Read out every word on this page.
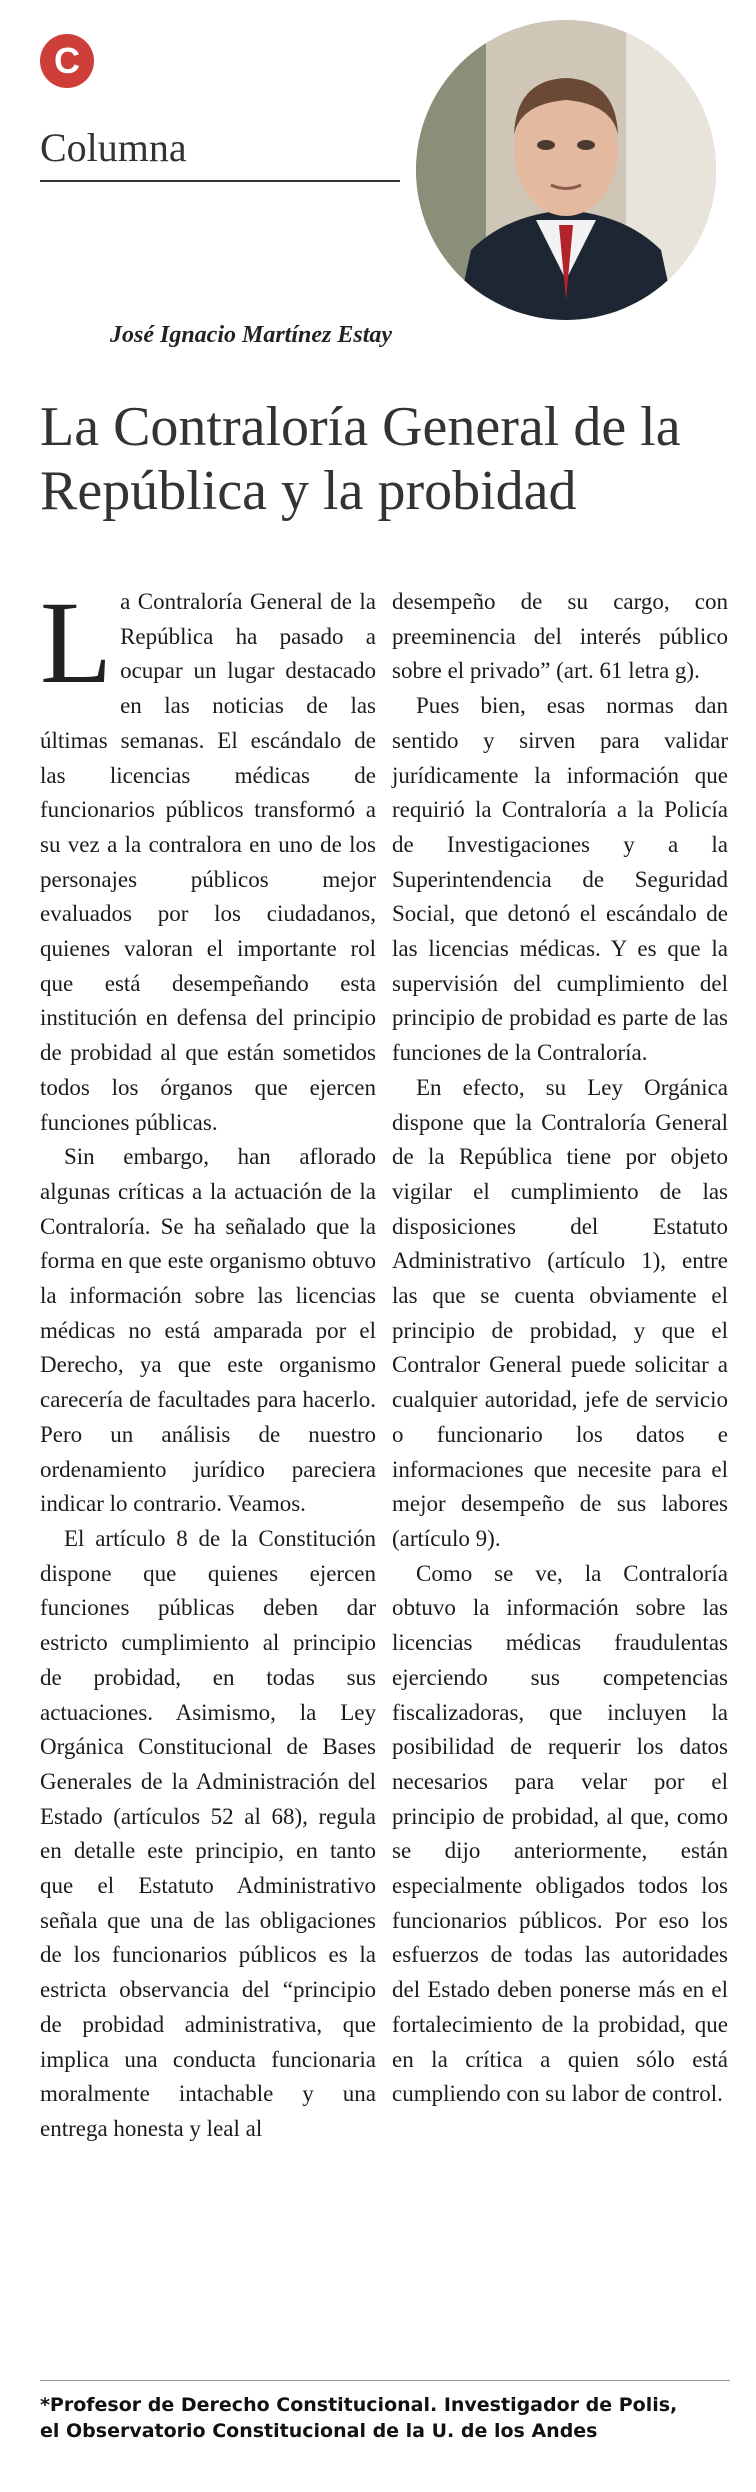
C
Columna
José Ignacio Martínez Estay
La Contraloría General de la República y la probidad

La Contraloría General de la República ha pasado a ocupar un lugar destacado en las noticias de las últimas semanas. El escándalo de las licencias médicas de funcionarios públicos transformó a su vez a la contralora en uno de los personajes públicos mejor evaluados por los ciudadanos, quienes valoran el importante rol que está desempeñando esta institución en defensa del principio de probidad al que están sometidos todos los órganos que ejercen funciones públicas.

Sin embargo, han aflorado algunas críticas a la actuación de la Contraloría. Se ha señalado que la forma en que este organismo obtuvo la información sobre las licencias médicas no está amparada por el Derecho, ya que este organismo carecería de facultades para hacerlo. Pero un análisis de nuestro ordenamiento jurídico pareciera indicar lo contrario. Veamos.

El artículo 8 de la Constitución dispone que quienes ejercen funciones públicas deben dar estricto cumplimiento al principio de probidad, en todas sus actuaciones. Asimismo, la Ley Orgánica Constitucional de Bases Generales de la Administración del Estado (artículos 52 al 68), regula en detalle este principio, en tanto que el Estatuto Administrativo señala que una de las obligaciones de los funcionarios públicos es la estricta observancia del “principio de probidad administrativa, que implica una conducta funcionaria moralmente intachable y una entrega honesta y leal al

desempeño de su cargo, con preeminencia del interés público sobre el privado” (art. 61 letra g).

Pues bien, esas normas dan sentido y sirven para validar jurídicamente la información que requirió la Contraloría a la Policía de Investigaciones y a la Superintendencia de Seguridad Social, que detonó el escándalo de las licencias médicas. Y es que la supervisión del cumplimiento del principio de probidad es parte de las funciones de la Contraloría.

En efecto, su Ley Orgánica dispone que la Contraloría General de la República tiene por objeto vigilar el cumplimiento de las disposiciones del Estatuto Administrativo (artículo 1), entre las que se cuenta obviamente el principio de probidad, y que el Contralor General puede solicitar a cualquier autoridad, jefe de servicio o funcionario los datos e informaciones que necesite para el mejor desempeño de sus labores (artículo 9).

Como se ve, la Contraloría obtuvo la información sobre las licencias médicas fraudulentas ejerciendo sus competencias fiscalizadoras, que incluyen la posibilidad de requerir los datos necesarios para velar por el principio de probidad, al que, como se dijo anteriormente, están especialmente obligados todos los funcionarios públicos. Por eso los esfuerzos de todas las autoridades del Estado deben ponerse más en el fortalecimiento de la probidad, que en la crítica a quien sólo está cumpliendo con su labor de control.

*Profesor de Derecho Constitucional. Investigador de Polis,
el Observatorio Constitucional de la U. de los Andes
